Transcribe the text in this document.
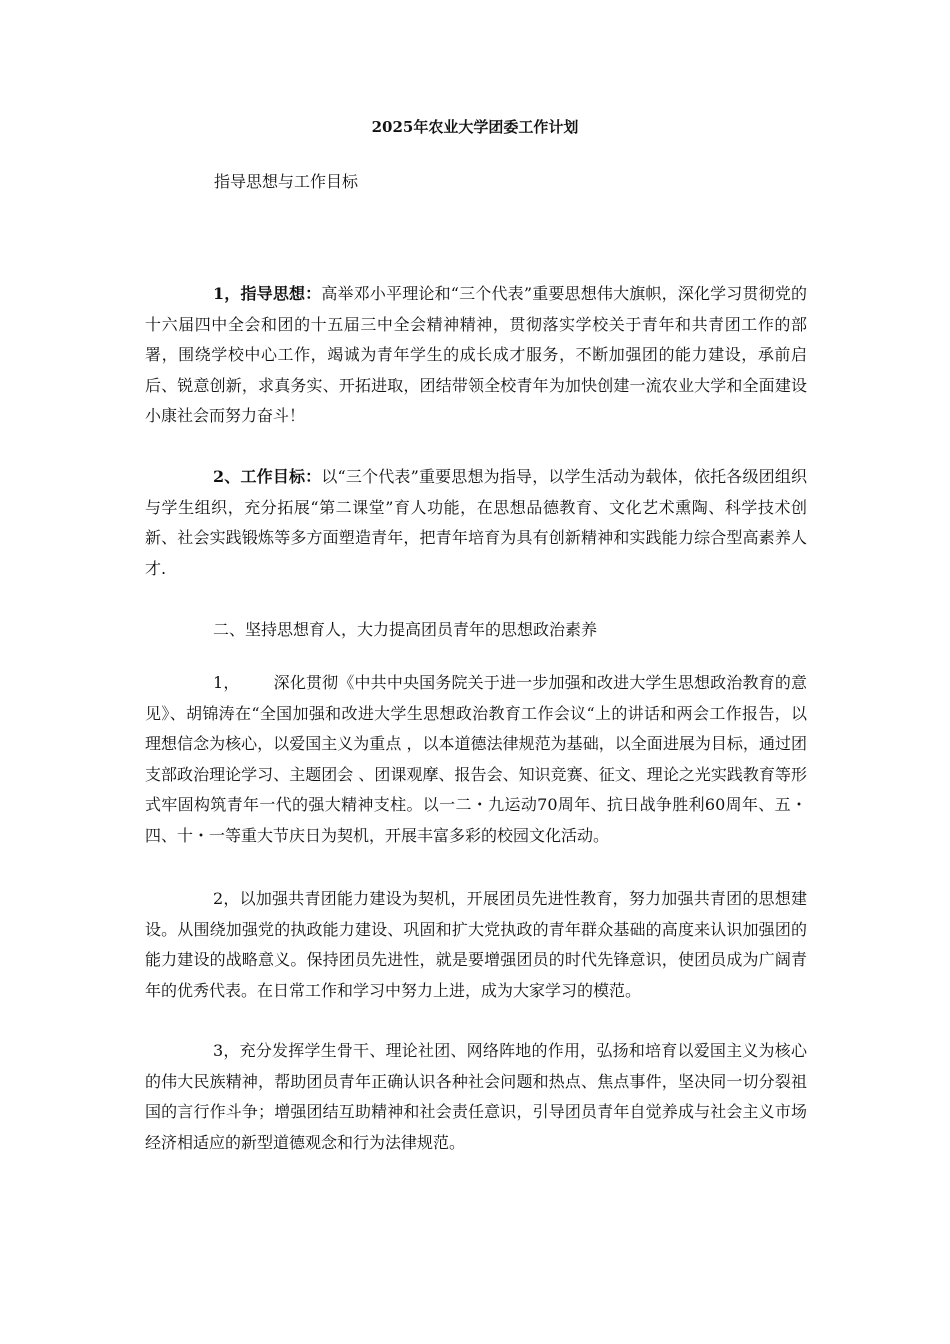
2025年农业大学团委工作计划

指导思想与工作目标

1，指导思想：高举邓小平理论和“三个代表”重要思想伟大旗帜，深化学习贯彻党的十六届四中全会和团的十五届三中全会精神精神，贯彻落实学校关于青年和共青团工作的部署，围绕学校中心工作，竭诚为青年学生的成长成才服务，不断加强团的能力建设，承前启后、锐意创新，求真务实、开拓进取，团结带领全校青年为加快创建一流农业大学和全面建设小康社会而努力奋斗！

2、工作目标：以“三个代表”重要思想为指导，以学生活动为载体，依托各级团组织与学生组织，充分拓展“第二课堂”育人功能，在思想品德教育、文化艺术熏陶、科学技术创新、社会实践锻炼等多方面塑造青年，把青年培育为具有创新精神和实践能力综合型高素养人才.

二、坚持思想育人，大力提高团员青年的思想政治素养

1， 深化贯彻《中共中央国务院关于进一步加强和改进大学生思想政治教育的意见》、胡锦涛在“全国加强和改进大学生思想政治教育工作会议“上的讲话和两会工作报告，以理想信念为核心，以爱国主义为重点 ，以本道德法律规范为基础，以全面进展为目标，通过团支部政治理论学习、主题团会 、团课观摩、报告会、知识竞赛、征文、理论之光实践教育等形式牢固构筑青年一代的强大精神支柱。以一二・九运动70周年、抗日战争胜利60周年、五・四、十・一等重大节庆日为契机，开展丰富多彩的校园文化活动。

2，以加强共青团能力建设为契机，开展团员先进性教育，努力加强共青团的思想建设。从围绕加强党的执政能力建设、巩固和扩大党执政的青年群众基础的高度来认识加强团的能力建设的战略意义。保持团员先进性，就是要增强团员的时代先锋意识，使团员成为广阔青年的优秀代表。在日常工作和学习中努力上进，成为大家学习的模范。

3，充分发挥学生骨干、理论社团、网络阵地的作用，弘扬和培育以爱国主义为核心的伟大民族精神，帮助团员青年正确认识各种社会问题和热点、焦点事件，坚决同一切分裂祖国的言行作斗争；增强团结互助精神和社会责任意识，引导团员青年自觉养成与社会主义市场经济相适应的新型道德观念和行为法律规范。
